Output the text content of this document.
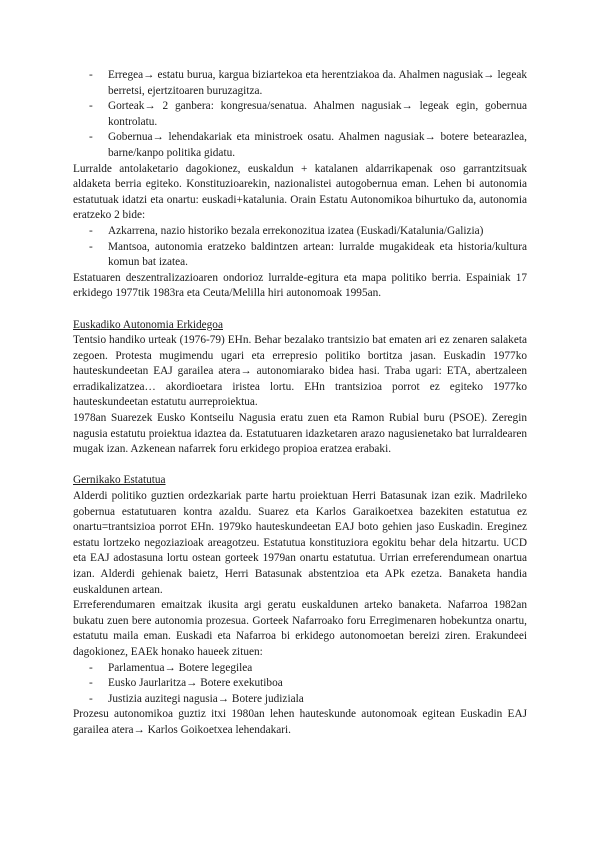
- Erregea→ estatu burua, kargua biziartekoa eta herentziakoa da. Ahalmen nagusiak→ legeak berretsi, ejertzitoaren buruzagitza.
- Gorteak→ 2 ganbera: kongresua/senatua. Ahalmen nagusiak→ legeak egin, gobernua kontrolatu.
- Gobernua→ lehendakariak eta ministroek osatu. Ahalmen nagusiak→ botere betearazlea, barne/kanpo politika gidatu.

Lurralde antolaketario dagokionez, euskaldun + katalanen aldarrikapenak oso garrantzitsuak aldaketa berria egiteko. Konstituzioarekin, nazionalistei autogobernua eman. Lehen bi autonomia estatutuak idatzi eta onartu: euskadi+katalunia. Orain Estatu Autonomikoa bihurtuko da, autonomia eratzeko 2 bide:

- Azkarrena, nazio historiko bezala errekonozitua izatea (Euskadi/Katalunia/Galizia)
- Mantsoa, autonomia eratzeko baldintzen artean: lurralde mugakideak eta historia/kultura komun bat izatea.

Estatuaren deszentralizazioaren ondorioz lurralde-egitura eta mapa politiko berria. Espainiak 17 erkidego 1977tik 1983ra eta Ceuta/Melilla hiri autonomoak 1995an.

Euskadiko Autonomia Erkidegoa

Tentsio handiko urteak (1976-79) EHn. Behar bezalako trantsizio bat ematen ari ez zenaren salaketa zegoen. Protesta mugimendu ugari eta errepresio politiko bortitza jasan. Euskadin 1977ko hauteskundeetan EAJ garailea atera→ autonomiarako bidea hasi. Traba ugari: ETA, abertzaleen erradikalizatzea… akordioetara iristea lortu. EHn trantsizioa porrot ez egiteko 1977ko hauteskundeetan estatutu aurreproiektua.

1978an Suarezek Eusko Kontseilu Nagusia eratu zuen eta Ramon Rubial buru (PSOE). Zeregin nagusia estatutu proiektua idaztea da. Estatutuaren idazketaren arazo nagusienetako bat lurraldearen mugak izan. Azkenean nafarrek foru erkidego propioa eratzea erabaki.

Gernikako Estatutua

Alderdi politiko guztien ordezkariak parte hartu proiektuan Herri Batasunak izan ezik. Madrileko gobernua estatutuaren kontra azaldu. Suarez eta Karlos Garaikoetxea bazekiten estatutua ez onartu=trantsizioa porrot EHn. 1979ko hauteskundeetan EAJ boto gehien jaso Euskadin. Ereginez estatu lortzeko negoziazioak areagotzeu. Estatutua konstituziora egokitu behar dela hitzartu. UCD eta EAJ adostasuna lortu ostean gorteek 1979an onartu estatutua. Urrian erreferendumean onartua izan. Alderdi gehienak baietz, Herri Batasunak abstentzioa eta APk ezetza. Banaketa handia euskaldunen artean.

Erreferendumaren emaitzak ikusita argi geratu euskaldunen arteko banaketa. Nafarroa 1982an bukatu zuen bere autonomia prozesua. Gorteek Nafarroako foru Erregimenaren hobekuntza onartu, estatutu maila eman. Euskadi eta Nafarroa bi erkidego autonomoetan bereizi ziren. Erakundeei dagokionez, EAEk honako haueek zituen:

- Parlamentua→ Botere legegilea
- Eusko Jaurlaritza→ Botere exekutiboa
- Justizia auzitegi nagusia→ Botere judiziala

Prozesu autonomikoa guztiz itxi 1980an lehen hauteskunde autonomoak egitean Euskadin EAJ garailea atera→ Karlos Goikoetxea lehendakari.
